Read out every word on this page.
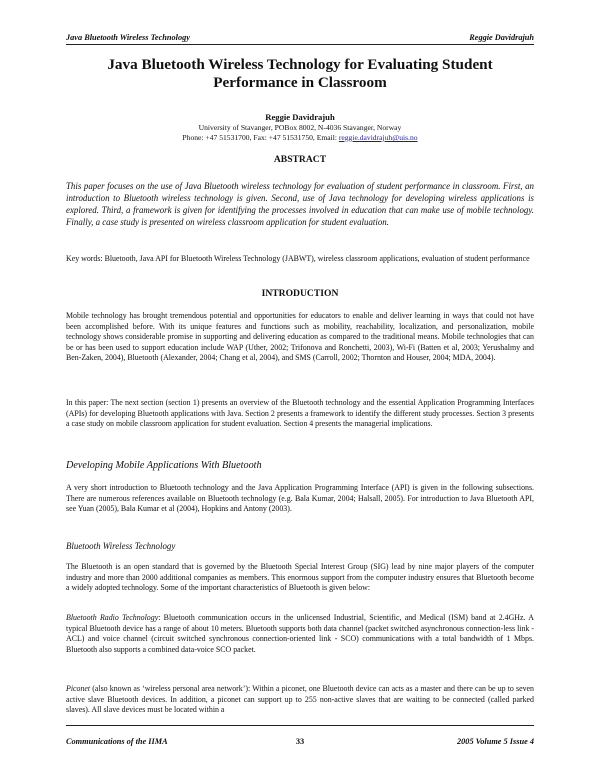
Java Bluetooth Wireless Technology	Reggie Davidrajuh
Java Bluetooth Wireless Technology for Evaluating Student Performance in Classroom
Reggie Davidrajuh
University of Stavanger, POBox 8002, N-4036 Stavanger, Norway
Phone: +47 51531700, Fax: +47 51531750, Email: reggie.davidrajuh@uis.no
ABSTRACT
This paper focuses on the use of Java Bluetooth wireless technology for evaluation of student performance in classroom. First, an introduction to Bluetooth wireless technology is given. Second, use of Java technology for developing wireless applications is explored. Third, a framework is given for identifying the processes involved in education that can make use of mobile technology. Finally, a case study is presented on wireless classroom application for student evaluation.
Key words: Bluetooth, Java API for Bluetooth Wireless Technology (JABWT), wireless classroom applications, evaluation of student performance
INTRODUCTION
Mobile technology has brought tremendous potential and opportunities for educators to enable and deliver learning in ways that could not have been accomplished before. With its unique features and functions such as mobility, reachability, localization, and personalization, mobile technology shows considerable promise in supporting and delivering education as compared to the traditional means. Mobile technologies that can be or has been used to support education include WAP (Uther, 2002; Trifonova and Ronchetti, 2003), Wi-Fi (Batten et al, 2003; Yerushalmy and Ben-Zaken, 2004), Bluetooth (Alexander, 2004; Chang et al, 2004), and SMS (Carroll, 2002; Thornton and Houser, 2004; MDA, 2004).
In this paper: The next section (section 1) presents an overview of the Bluetooth technology and the essential Application Programming Interfaces (APIs) for developing Bluetooth applications with Java. Section 2 presents a framework to identify the different study processes. Section 3 presents a case study on mobile classroom application for student evaluation. Section 4 presents the managerial implications.
Developing Mobile Applications With Bluetooth
A very short introduction to Bluetooth technology and the Java Application Programming Interface (API) is given in the following subsections. There are numerous references available on Bluetooth technology (e.g. Bala Kumar, 2004; Halsall, 2005). For introduction to Java Bluetooth API, see Yuan (2005), Bala Kumar et al (2004), Hopkins and Antony (2003).
Bluetooth Wireless Technology
The Bluetooth is an open standard that is governed by the Bluetooth Special Interest Group (SIG) lead by nine major players of the computer industry and more than 2000 additional companies as members. This enormous support from the computer industry ensures that Bluetooth become a widely adopted technology. Some of the important characteristics of Bluetooth is given below:
Bluetooth Radio Technology: Bluetooth communication occurs in the unlicensed Industrial, Scientific, and Medical (ISM) band at 2.4GHz. A typical Bluetooth device has a range of about 10 meters. Bluetooth supports both data channel (packet switched asynchronous connection-less link - ACL) and voice channel (circuit switched synchronous connection-oriented link - SCO) communications with a total bandwidth of 1 Mbps. Bluetooth also supports a combined data-voice SCO packet.
Piconet (also known as ‘wireless personal area network’): Within a piconet, one Bluetooth device can acts as a master and there can be up to seven active slave Bluetooth devices. In addition, a piconet can support up to 255 non-active slaves that are waiting to be connected (called parked slaves). All slave devices must be located within a
Communications of the IIMA	33	2005 Volume 5 Issue 4
